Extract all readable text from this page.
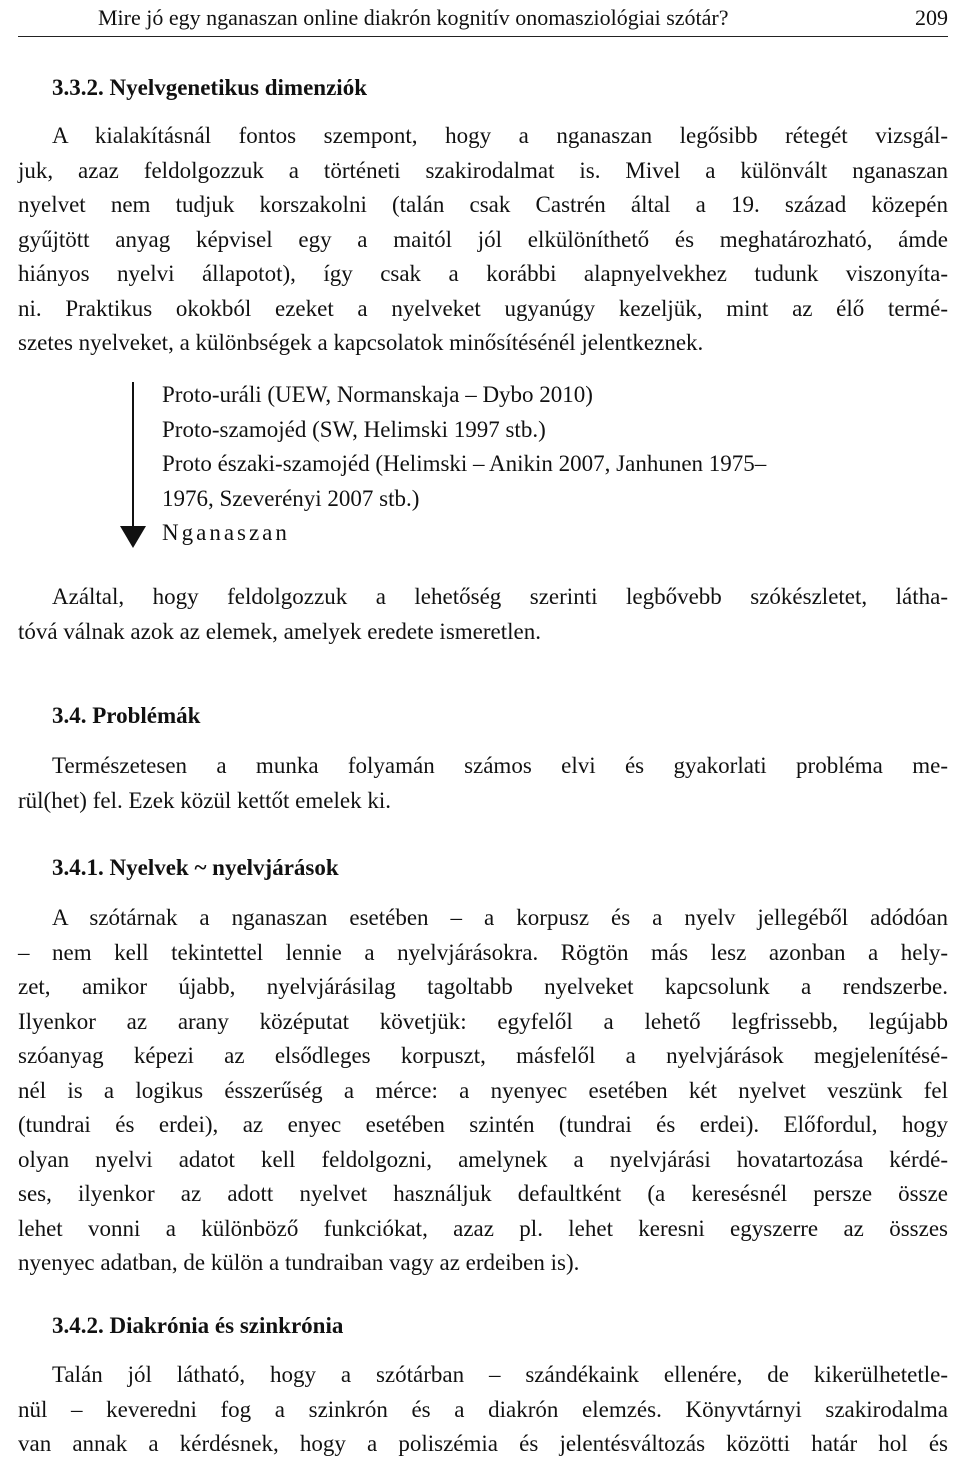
Mire jó egy nganaszan online diakrón kognitív onomasziológiai szótár?	209
3.3.2. Nyelvgenetikus dimenziók
A kialakításnál fontos szempont, hogy a nganaszan legősibb rétegét vizsgál-
juk, azaz feldolgozzuk a történeti szakirodalmat is. Mivel a különvált nganaszan
nyelvet nem tudjuk korszakolni (talán csak Castrén által a 19. század közepén
gyűjtött anyag képvisel egy a maitól jól elkülöníthető és meghatározható, ámde
hiányos nyelvi állapotot), így csak a korábbi alapnyelvekhez tudunk viszonyíta-
ni. Praktikus okokból ezeket a nyelveket ugyanúgy kezeljük, mint az élő termé-
szetes nyelveket, a különbségek a kapcsolatok minősítésénél jelentkeznek.
Proto-uráli (UEW, Normanskaja – Dybo 2010)
Proto-szamojéd (SW, Helimski 1997 stb.)
Proto északi-szamojéd (Helimski – Anikin 2007, Janhunen 1975–
1976, Szeverényi 2007 stb.)
Nganaszan
Azáltal, hogy feldolgozzuk a lehetőség szerinti legbővebb szókészletet, látha-
tóvá válnak azok az elemek, amelyek eredete ismeretlen.
3.4. Problémák
Természetesen a munka folyamán számos elvi és gyakorlati probléma me-
rül(het) fel. Ezek közül kettőt emelek ki.
3.4.1. Nyelvek ~ nyelvjárások
A szótárnak a nganaszan esetében – a korpusz és a nyelv jellegéből adódóan
– nem kell tekintettel lennie a nyelvjárásokra. Rögtön más lesz azonban a hely-
zet, amikor újabb, nyelvjárásilag tagoltabb nyelveket kapcsolunk a rendszerbe.
Ilyenkor az arany középutat követjük: egyfelől a lehető legfrissebb, legújabb
szóanyag képezi az elsődleges korpuszt, másfelől a nyelvjárások megjelenítésé-
nél is a logikus ésszerűség a mérce: a nyenyec esetében két nyelvet veszünk fel
(tundrai és erdei), az enyec esetében szintén (tundrai és erdei). Előfordul, hogy
olyan nyelvi adatot kell feldolgozni, amelynek a nyelvjárási hovatartozása kérdé-
ses, ilyenkor az adott nyelvet használjuk defaultként (a keresésnél persze össze
lehet vonni a különböző funkciókat, azaz pl. lehet keresni egyszerre az összes
nyenyec adatban, de külön a tundraiban vagy az erdeiben is).
3.4.2. Diakrónia és szinkrónia
Talán jól látható, hogy a szótárban – szándékaink ellenére, de kikerülhetetle-
nül – keveredni fog a szinkrón és a diakrón elemzés. Könyvtárnyi szakirodalma
van annak a kérdésnek, hogy a poliszémia és jelentésváltozás közötti határ hol és
